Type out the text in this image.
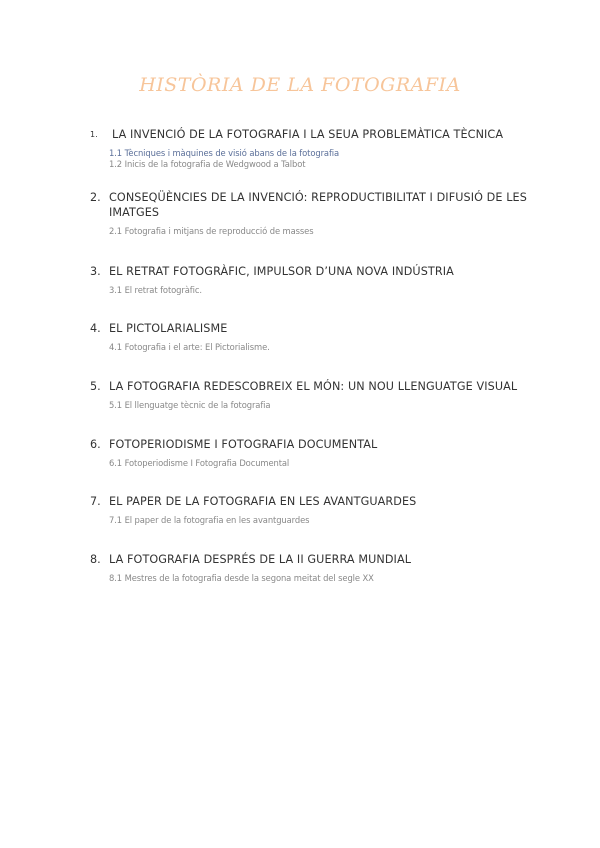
HISTÒRIA DE LA FOTOGRAFIA
1.	LA INVENCIÓ DE LA FOTOGRAFIA I LA SEUA PROBLEMÀTICA TÈCNICA
1.1 Tècniques i màquines de visió abans de la fotografia
1.2 Inicis de la fotografia de Wedgwood a Talbot
2. CONSEQÜÈNCIES DE LA INVENCIÓ: REPRODUCTIBILITAT I DIFUSIÓ DE LES IMATGES
2.1 Fotografia i mitjans de reproducció de masses
3. EL RETRAT FOTOGRÀFIC, IMPULSOR D’UNA NOVA INDÚSTRIA
3.1 El retrat fotogràfic.
4. EL PICTOLARIALISME
4.1 Fotografia i el arte: El Pictorialisme.
5. LA FOTOGRAFIA REDESCOBREIX EL MÓN: UN NOU LLENGUATGE VISUAL
5.1 El llenguatge tècnic de la fotografia
6. FOTOPERIODISME I FOTOGRAFIA DOCUMENTAL
6.1 Fotoperiodisme I Fotografia Documental
7. EL PAPER DE LA FOTOGRAFIA EN LES AVANTGUARDES
7.1 El paper de la fotografia en les avantguardes
8. LA FOTOGRAFIA DESPRÉS DE LA II GUERRA MUNDIAL
8.1 Mestres de la fotografia desde la segona meitat del segle XX
